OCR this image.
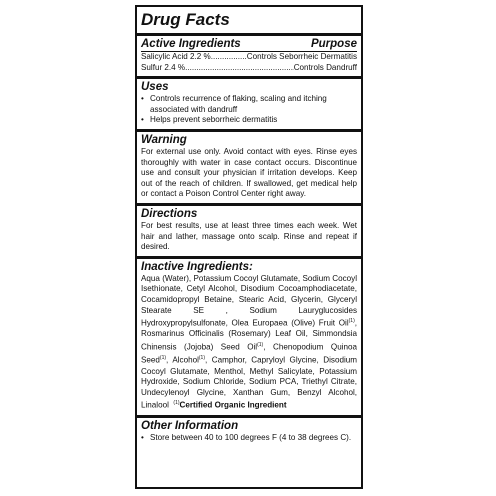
Drug Facts
Active Ingredients	Purpose
Salicylic Acid 2.2 % .....	Controls Seborrheic Dermatitis
Sulfur 2.4 % .....	Controls Dandruff
Uses
• Controls recurrence of flaking, scaling and itching associated with dandruff
• Helps prevent seborrheic dermatitis
Warning
For external use only. Avoid contact with eyes. Rinse eyes thoroughly with water in case contact occurs. Discontinue use and consult your physician if irritation develops. Keep out of the reach of children. If swallowed, get medical help or contact a Poison Control Center right away.
Directions
For best results, use at least three times each week. Wet hair and lather, massage onto scalp. Rinse and repeat if desired.
Inactive Ingredients:
Aqua (Water), Potassium Cocoyl Glutamate, Sodium Cocoyl Isethionate, Cetyl Alcohol, Disodium Cocoamphodiacetate, Cocamidopropyl Betaine, Stearic Acid, Glycerin, Glyceryl Stearate SE , Sodium Lauryglucosides Hydroxypropylsulfonate, Olea Europaea (Olive) Fruit Oil$^{(1)}$, Rosmarinus Officinalis (Rosemary) Leaf Oil, Simmondsia Chinensis (Jojoba) Seed Oil$^{(1)}$, Chenopodium Quinoa Seed$^{(1)}$, Alcohol$^{(1)}$, Camphor, Capryloyl Glycine, Disodium Cocoyl Glutamate, Menthol, Methyl Salicylate, Potassium Hydroxide, Sodium Chloride, Sodium PCA, Triethyl Citrate, Undecylenoyl Glycine, Xanthan Gum, Benzyl Alcohol, Linalool $^{(1)}$Certified Organic Ingredient
Other Information
• Store between 40 to 100 degrees F (4 to 38 degrees C).
